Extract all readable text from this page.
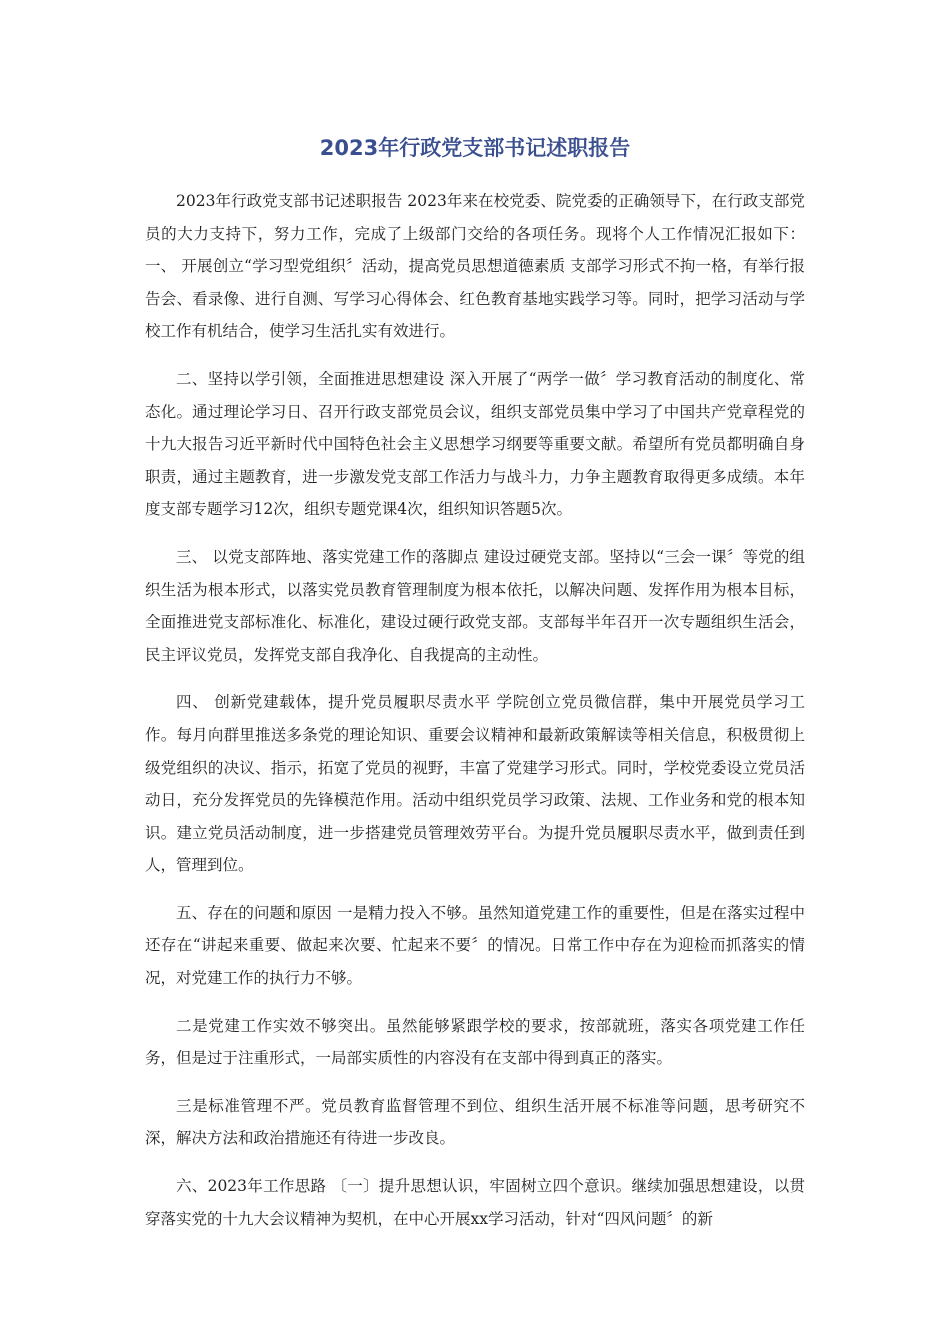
2023年行政党支部书记述职报告

2023年行政党支部书记述职报告 2023年来在校党委、院党委的正确领导下，在行政支部党员的大力支持下，努力工作，完成了上级部门交给的各项任务。现将个人工作情况汇报如下：一、 开展创立“学习型党组织〞活动，提高党员思想道德素质 支部学习形式不拘一格，有举行报告会、看录像、进行自测、写学习心得体会、红色教育基地实践学习等。同时，把学习活动与学校工作有机结合，使学习生活扎实有效进行。

二、坚持以学引领，全面推进思想建设 深入开展了“两学一做〞学习教育活动的制度化、常态化。通过理论学习日、召开行政支部党员会议，组织支部党员集中学习了中国共产党章程党的十九大报告习近平新时代中国特色社会主义思想学习纲要等重要文献。希望所有党员都明确自身职责，通过主题教育，进一步激发党支部工作活力与战斗力，力争主题教育取得更多成绩。本年度支部专题学习12次，组织专题党课4次，组织知识答题5次。

三、 以党支部阵地、落实党建工作的落脚点 建设过硬党支部。坚持以“三会一课〞等党的组织生活为根本形式，以落实党员教育管理制度为根本依托，以解决问题、发挥作用为根本目标，全面推进党支部标准化、标准化，建设过硬行政党支部。支部每半年召开一次专题组织生活会，民主评议党员，发挥党支部自我净化、自我提高的主动性。

四、 创新党建载体，提升党员履职尽责水平 学院创立党员微信群，集中开展党员学习工作。每月向群里推送多条党的理论知识、重要会议精神和最新政策解读等相关信息，积极贯彻上级党组织的决议、指示，拓宽了党员的视野，丰富了党建学习形式。同时，学校党委设立党员活动日，充分发挥党员的先锋模范作用。活动中组织党员学习政策、法规、工作业务和党的根本知识。建立党员活动制度，进一步搭建党员管理效劳平台。为提升党员履职尽责水平，做到责任到人，管理到位。

五、存在的问题和原因 一是精力投入不够。虽然知道党建工作的重要性，但是在落实过程中还存在“讲起来重要、做起来次要、忙起来不要〞的情况。日常工作中存在为迎检而抓落实的情况，对党建工作的执行力不够。

二是党建工作实效不够突出。虽然能够紧跟学校的要求，按部就班，落实各项党建工作任务，但是过于注重形式，一局部实质性的内容没有在支部中得到真正的落实。

三是标准管理不严。党员教育监督管理不到位、组织生活开展不标准等问题，思考研究不深，解决方法和政治措施还有待进一步改良。

六、2023年工作思路 〔一〕提升思想认识，牢固树立四个意识。继续加强思想建设，以贯穿落实党的十九大会议精神为契机，在中心开展xx学习活动，针对“四风问题〞的新
